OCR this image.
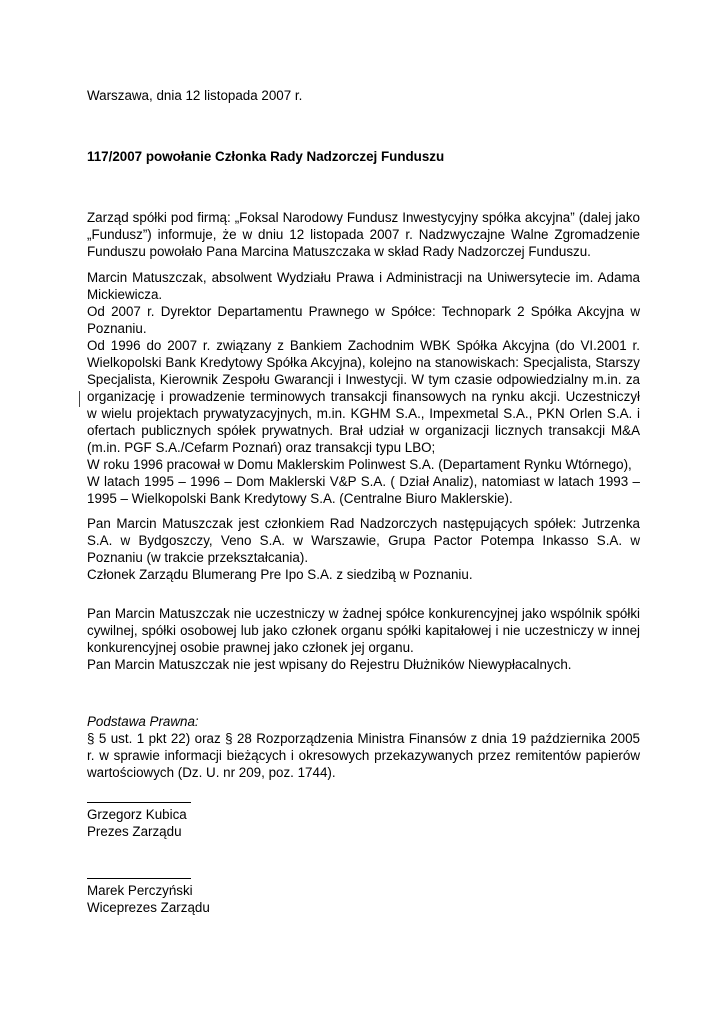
Warszawa, dnia 12 listopada 2007 r.
117/2007 powołanie Członka Rady Nadzorczej Funduszu
Zarząd spółki pod firmą: „Foksal Narodowy Fundusz Inwestycyjny spółka akcyjna” (dalej jako
„Fundusz”) informuje, że w dniu 12 listopada 2007 r. Nadzwyczajne Walne Zgromadzenie
Funduszu powołało Pana Marcina Matuszczaka w skład Rady Nadzorczej Funduszu.
Marcin Matuszczak, absolwent Wydziału Prawa i Administracji na Uniwersytecie im. Adama
Mickiewicza.
Od 2007 r. Dyrektor Departamentu Prawnego w Spółce: Technopark 2 Spółka Akcyjna w
Poznaniu.
Od 1996 do 2007 r. związany z Bankiem Zachodnim WBK Spółka Akcyjna (do VI.2001 r.
Wielkopolski Bank Kredytowy Spółka Akcyjna), kolejno na stanowiskach: Specjalista, Starszy
Specjalista, Kierownik Zespołu Gwarancji i Inwestycji. W tym czasie odpowiedzialny m.in. za
organizację i prowadzenie terminowych transakcji finansowych na rynku akcji. Uczestniczył
w wielu projektach prywatyzacyjnych, m.in. KGHM S.A., Impexmetal S.A., PKN Orlen S.A. i
ofertach publicznych spółek prywatnych. Brał udział w organizacji licznych transakcji M&A
(m.in. PGF S.A./Cefarm Poznań) oraz transakcji typu LBO;
W roku 1996 pracował w Domu Maklerskim Polinwest S.A. (Departament Rynku Wtórnego),
W latach 1995 – 1996 – Dom Maklerski V&P S.A. ( Dział Analiz), natomiast w latach 1993 –
1995 – Wielkopolski Bank Kredytowy S.A. (Centralne Biuro Maklerskie).
Pan Marcin Matuszczak jest członkiem Rad Nadzorczych następujących spółek: Jutrzenka
S.A. w Bydgoszczy, Veno S.A. w Warszawie, Grupa Pactor Potempa Inkasso S.A. w
Poznaniu (w trakcie przekształcania).
Członek Zarządu Blumerang Pre Ipo S.A. z siedzibą w Poznaniu.
Pan Marcin Matuszczak nie uczestniczy w żadnej spółce konkurencyjnej jako wspólnik spółki
cywilnej, spółki osobowej lub jako członek organu spółki kapitałowej i nie uczestniczy w innej
konkurencyjnej osobie prawnej jako członek jej organu.
Pan Marcin Matuszczak nie jest wpisany do Rejestru Dłużników Niewypłacalnych.
Podstawa Prawna:
§ 5 ust. 1 pkt 22) oraz § 28 Rozporządzenia Ministra Finansów z dnia 19 października 2005
r. w sprawie informacji bieżących i okresowych przekazywanych przez remitentów papierów
wartościowych (Dz. U. nr 209, poz. 1744).
Grzegorz Kubica
Prezes Zarządu
Marek Perczyński
Wiceprezes Zarządu
